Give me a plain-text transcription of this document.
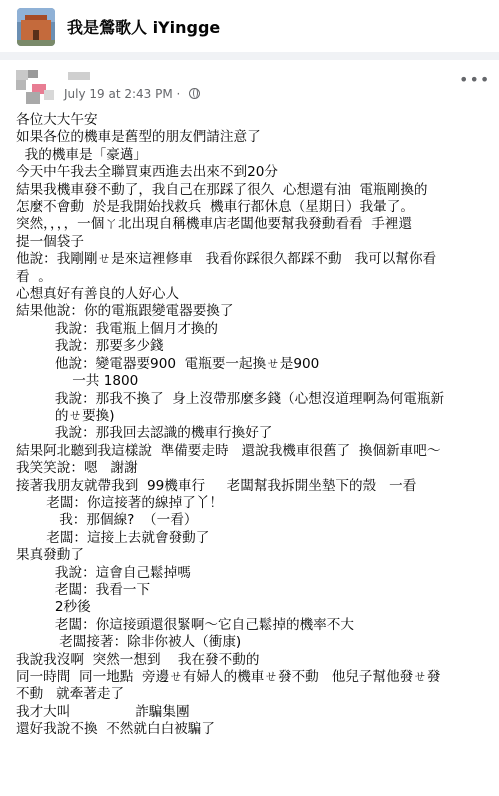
我是鶯歌人 iYingge
July 19 at 2:43 PM ·
•••
各位大大午安
如果各位的機車是舊型的朋友們請注意了
我的機車是「豪邁」
今天中午我去全聯買東西進去出來不到20分
結果我機車發不動了，我自己在那踩了很久  心想還有油  電瓶剛換的
怎麼不會動  於是我開始找救兵  機車行都休息（星期日）我暈了。
突然，，，，一個ㄚ北出現自稱機車店老闆他要幫我發動看看  手裡還
提一個袋子
他說：我剛剛ㄝ是來這裡修車   我看你踩很久都踩不動   我可以幫你看
看  。
心想真好有善良的人好心人
結果他說：你的電瓶跟變電器要換了
我說：我電瓶上個月才換的
我說：那要多少錢
他說：變電器要900  電瓶要一起換ㄝ是900
一共 1800
我說：那我不換了  身上沒帶那麼多錢（心想沒道理啊為何電瓶新
的ㄝ要換)
我說：那我回去認識的機車行換好了
結果阿北聽到我這樣說  準備要走時   還說我機車很舊了  換個新車吧～
我笑笑說：嗯   謝謝
接著我朋友就帶我到  99機車行     老闆幫我拆開坐墊下的殼   一看
老闆：你這接著的線掉了丫！
我：那個線?  （一看）
老闆：這接上去就會發動了
果真發動了
我說：這會自己鬆掉嗎
老闆：我看一下
2秒後
老闆：你這接頭還很緊啊～它自己鬆掉的機率不大
老闆接著：除非你被人（衝康)
我說我沒啊  突然一想到    我在發不動的
同一時間  同一地點  旁邊ㄝ有婦人的機車ㄝ發不動   他兒子幫他發ㄝ發
不動   就牽著走了
我才大叫               詐騙集團
還好我說不換  不然就白白被騙了
